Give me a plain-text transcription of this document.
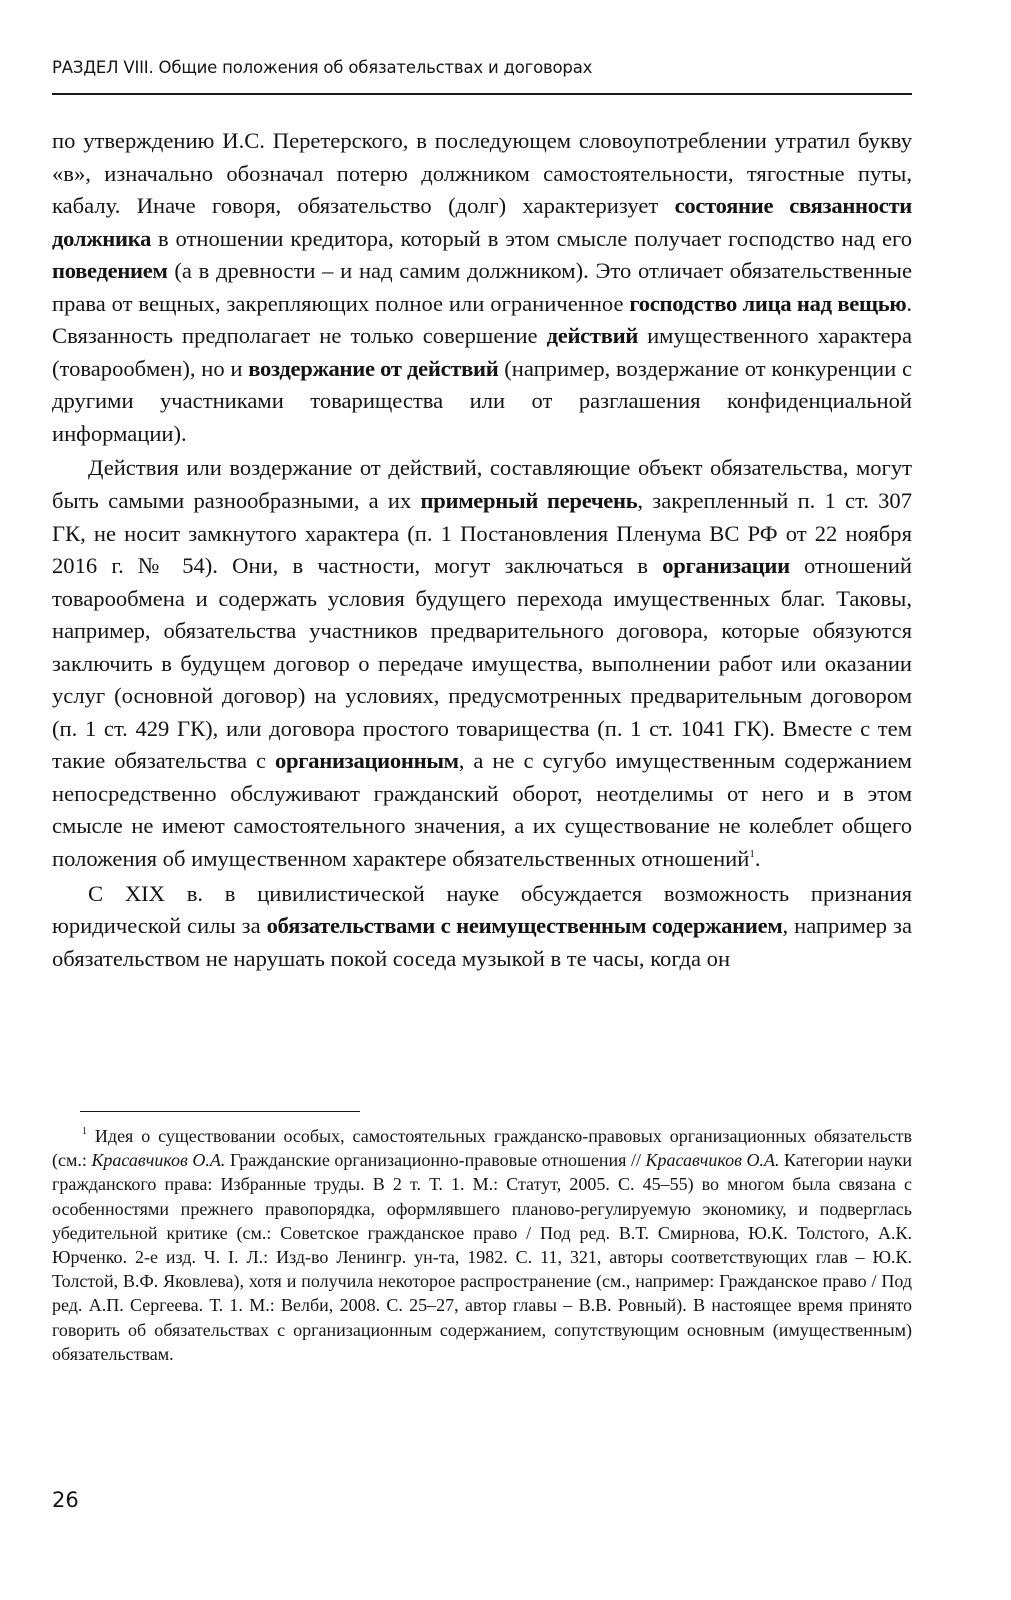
РАЗДЕЛ VIII. Общие положения об обязательствах и договорах

по утверждению И.С. Перетерского, в последующем словоупотреблении утратил букву «в», изначально обозначал потерю должником самостоятельности, тягостные путы, кабалу. Иначе говоря, обязательство (долг) характеризует состояние связанности должника в отношении кредитора, который в этом смысле получает господство над его поведением (а в древности – и над самим должником). Это отличает обязательственные права от вещных, закрепляющих полное или ограниченное господство лица над вещью. Связанность предполагает не только совершение действий имущественного характера (товарообмен), но и воздержание от действий (например, воздержание от конкуренции с другими участниками товарищества или от разглашения конфиденциальной информации).

Действия или воздержание от действий, составляющие объект обязательства, могут быть самыми разнообразными, а их примерный перечень, закрепленный п. 1 ст. 307 ГК, не носит замкнутого характера (п. 1 Постановления Пленума ВС РФ от 22 ноября 2016 г. № 54). Они, в частности, могут заключаться в организации отношений товарообмена и содержать условия будущего перехода имущественных благ. Таковы, например, обязательства участников предварительного договора, которые обязуются заключить в будущем договор о передаче имущества, выполнении работ или оказании услуг (основной договор) на условиях, предусмотренных предварительным договором (п. 1 ст. 429 ГК), или договора простого товарищества (п. 1 ст. 1041 ГК). Вместе с тем такие обязательства с организационным, а не с сугубо имущественным содержанием непосредственно обслуживают гражданский оборот, неотделимы от него и в этом смысле не имеют самостоятельного значения, а их существование не колеблет общего положения об имущественном характере обязательственных отношений$^1$.

С XIX в. в цивилистической науке обсуждается возможность признания юридической силы за обязательствами с неимущественным содержанием, например за обязательством не нарушать покой соседа музыкой в те часы, когда он

$^1$ Идея о существовании особых, самостоятельных гражданско-правовых организационных обязательств (см.: Красавчиков О.А. Гражданские организационно-правовые отношения // Красавчиков О.А. Категории науки гражданского права: Избранные труды. В 2 т. Т. 1. М.: Статут, 2005. С. 45–55) во многом была связана с особенностями прежнего правопорядка, оформлявшего планово-регулируемую экономику, и подверглась убедительной критике (см.: Советское гражданское право / Под ред. В.Т. Смирнова, Ю.К. Толстого, А.К. Юрченко. 2-е изд. Ч. I. Л.: Изд-во Ленингр. ун-та, 1982. С. 11, 321, авторы соответствующих глав – Ю.К. Толстой, В.Ф. Яковлева), хотя и получила некоторое распространение (см., например: Гражданское право / Под ред. А.П. Сергеева. Т. 1. М.: Велби, 2008. С. 25–27, автор главы – В.В. Ровный). В настоящее время принято говорить об обязательствах с организационным содержанием, сопутствующим основным (имущественным) обязательствам.

26
